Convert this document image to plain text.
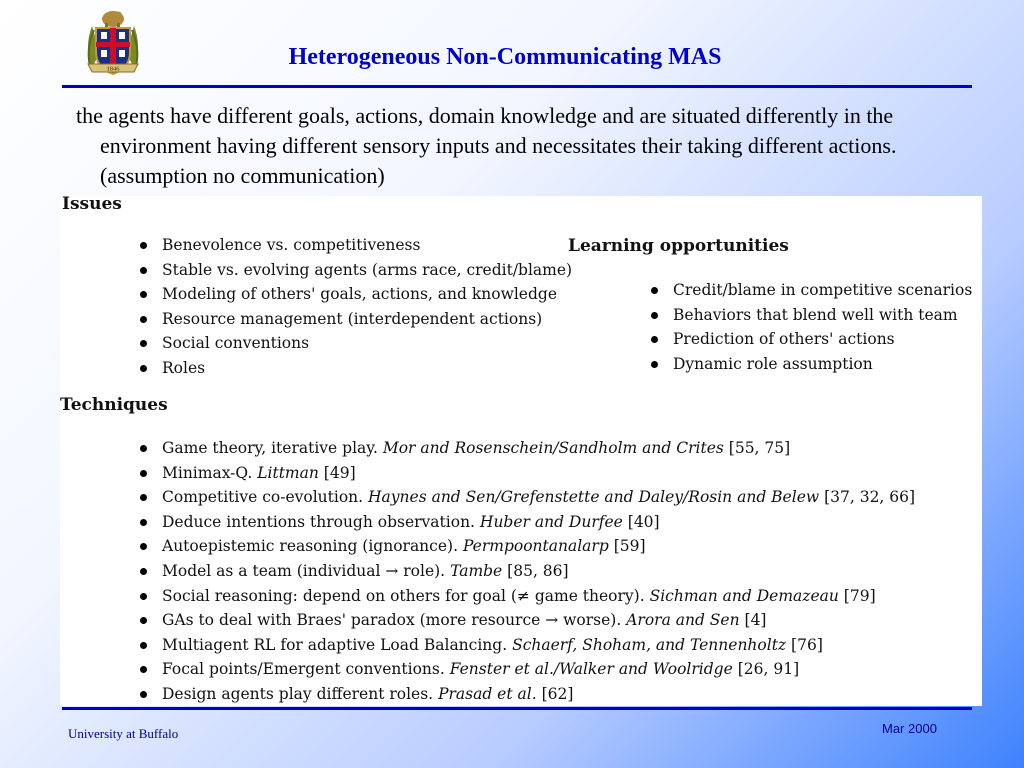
1846	Heterogeneous Non-Communicating MAS
the agents have different goals, actions, domain knowledge and are situated differently in the environment having different sensory inputs and necessitates their taking different actions.(assumption no communication)
Issues
Benevolence vs. competitiveness
Stable vs. evolving agents (arms race, credit/blame)
Modeling of others' goals, actions, and knowledge
Resource management (interdependent actions)
Social conventions
Roles
Learning opportunities
Credit/blame in competitive scenarios
Behaviors that blend well with team
Prediction of others' actions
Dynamic role assumption
Techniques
Game theory, iterative play. Mor and Rosenschein/Sandholm and Crites [55, 75]
Minimax-Q. Littman [49]
Competitive co-evolution. Haynes and Sen/Grefenstette and Daley/Rosin and Belew [37, 32, 66]
Deduce intentions through observation. Huber and Durfee [40]
Autoepistemic reasoning (ignorance). Permpoontanalarp [59]
Model as a team (individual → role). Tambe [85, 86]
Social reasoning: depend on others for goal (≠ game theory). Sichman and Demazeau [79]
GAs to deal with Braes' paradox (more resource → worse). Arora and Sen [4]
Multiagent RL for adaptive Load Balancing. Schaerf, Shoham, and Tennenholtz [76]
Focal points/Emergent conventions. Fenster et al./Walker and Woolridge [26, 91]
Design agents play different roles. Prasad et al. [62]
University at Buffalo	Mar 2000
